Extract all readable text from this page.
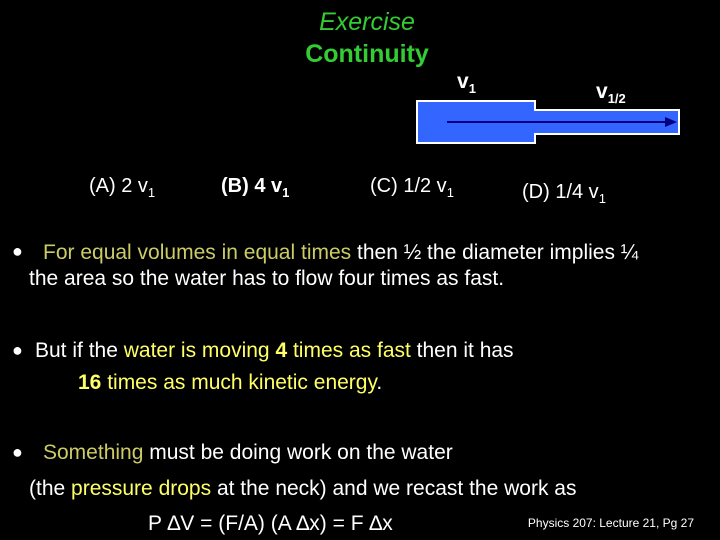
Exercise
Continuity
$v_1$	$v_{1/2}$
(A) 2 $v_1$	(B) 4 $v_1$	(C) 1/2 $v_1$	(D) 1/4 $v_1$
● For equal volumes in equal times then ½ the diameter implies ¼
the area so the water has to flow four times as fast.
● But if the water is moving 4 times as fast then it has
16 times as much kinetic energy.
● Something must be doing work on the water
(the pressure drops at the neck) and we recast the work as
P ∆V = (F/A) (A ∆x) = F ∆x	Physics 207: Lecture 21, Pg 27
